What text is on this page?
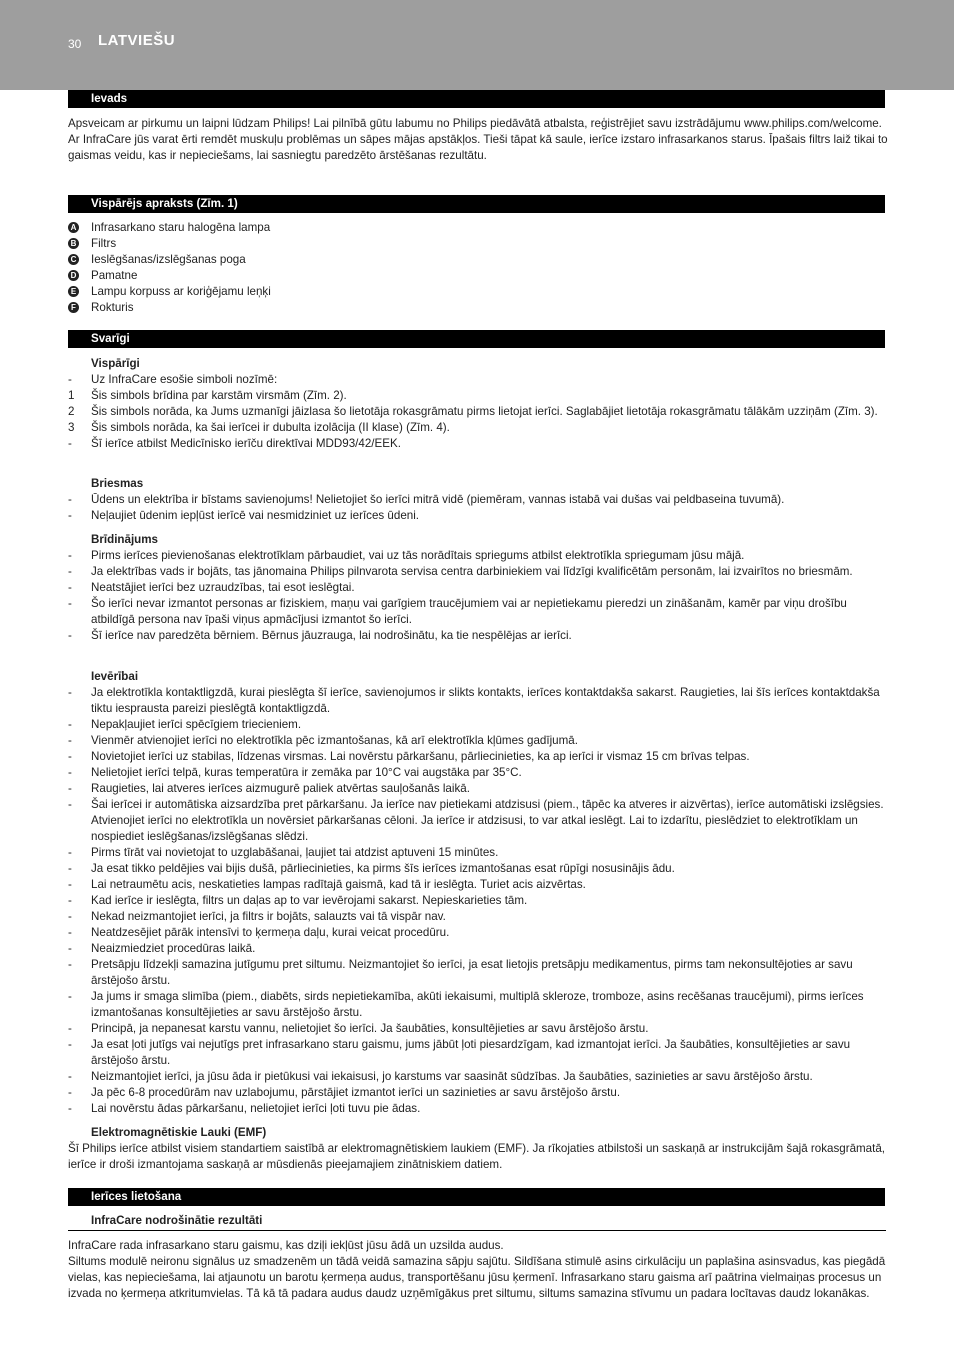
30 LATVIEŠU
Ievads

Apsveicam ar pirkumu un laipni lūdzam Philips! Lai pilnībā gūtu labumu no Philips piedāvātā atbalsta, reģistrējiet savu izstrādājumu www.philips.com/welcome.

Ar InfraCare jūs varat ērti remdēt muskuļu problēmas un sāpes mājas apstākļos. Tieši tāpat kā saule, ierīce izstaro infrasarkanos starus. Īpašais filtrs laiž tikai to gaismas veidu, kas ir nepieciešams, lai sasniegtu paredzēto ārstēšanas rezultātu.

Vispārējs apraksts (Zīm. 1)
A Infrasarkano staru halogēna lampa
B Filtrs
C Ieslēgšanas/izslēgšanas poga
D Pamatne
E Lampu korpuss ar koriģējamu leņķi
F Rokturis
Svarīgi

Vispārīgi

-	Uz InfraCare esošie simboli nozīmē:
1	Šis simbols brīdina par karstām virsmām (Zīm. 2).
2	Šis simbols norāda, ka Jums uzmanīgi jāizlasa šo lietotāja rokasgrāmatu pirms lietojat ierīci. Saglabājiet lietotāja rokasgrāmatu tālākām uzziņām (Zīm. 3).
3	Šis simbols norāda, ka šai ierīcei ir dubulta izolācija (II klase) (Zīm. 4).
-	Šī ierīce atbilst Medicīnisko ierīču direktīvai MDD93/42/EEK.

Briesmas

-	Ūdens un elektrība ir bīstams savienojums! Nelietojiet šo ierīci mitrā vidē (piemēram, vannas istabā vai dušas vai peldbaseina tuvumā).
-	Neļaujiet ūdenim iepļūst ierīcē vai nesmidziniet uz ierīces ūdeni.

Brīdinājums

-	Pirms ierīces pievienošanas elektrotīklam pārbaudiet, vai uz tās norādītais spriegums atbilst elektrotīkla spriegumam jūsu mājā.
-	Ja elektrības vads ir bojāts, tas jānomaina Philips pilnvarota servisa centra darbiniekiem vai līdzīgi kvalificētām personām, lai izvairītos no briesmām.
-	Neatstājiet ierīci bez uzraudzības, tai esot ieslēgtai.
-	Šo ierīci nevar izmantot personas ar fiziskiem, maņu vai garīgiem traucējumiem vai ar nepietiekamu pieredzi un zināšanām, kamēr par viņu drošību atbildīgā persona nav īpaši viņus apmācījusi izmantot šo ierīci.
-	Šī ierīce nav paredzēta bērniem. Bērnus jāuzrauga, lai nodrošinātu, ka tie nespēlējas ar ierīci.

Ievērībai

-	Ja elektrotīkla kontaktligzdā, kurai pieslēgta šī ierīce, savienojumos ir slikts kontakts, ierīces kontaktdakša sakarst. Raugieties, lai šīs ierīces kontaktdakša tiktu iesprausta pareizi pieslēgtā kontaktligzdā.
-	Nepakļaujiet ierīci spēcīgiem triecieniem.
-	Vienmēr atvienojiet ierīci no elektrotīkla pēc izmantošanas, kā arī elektrotīkla kļūmes gadījumā.
-	Novietojiet ierīci uz stabilas, līdzenas virsmas. Lai novērstu pārkaršanu, pārliecinieties, ka ap ierīci ir vismaz 15 cm brīvas telpas.
-	Nelietojiet ierīci telpā, kuras temperatūra ir zemāka par 10°C vai augstāka par 35°C.
-	Raugieties, lai atveres ierīces aizmugurē paliek atvērtas sauļošanās laikā.
-	Šai ierīcei ir automātiska aizsardzība pret pārkaršanu. Ja ierīce nav pietiekami atdzisusi (piem., tāpēc ka atveres ir aizvērtas), ierīce automātiski izslēgsies. Atvienojiet ierīci no elektrotīkla un novērsiet pārkaršanas cēloni. Ja ierīce ir atdzisusi, to var atkal ieslēgt. Lai to izdarītu, pieslēdziet to elektrotīklam un nospiediet ieslēgšanas/izslēgšanas slēdzi.
-	Pirms tīrāt vai novietojat to uzglabāšanai, ļaujiet tai atdzist aptuveni 15 minūtes.
-	Ja esat tikko peldējies vai bijis dušā, pārliecinieties, ka pirms šīs ierīces izmantošanas esat rūpīgi nosusinājis ādu.
-	Lai netraumētu acis, neskatieties lampas radītajā gaismā, kad tā ir ieslēgta. Turiet acis aizvērtas.
-	Kad ierīce ir ieslēgta, filtrs un daļas ap to var ievērojami sakarst. Nepieskarieties tām.
-	Nekad neizmantojiet ierīci, ja filtrs ir bojāts, salauzts vai tā vispār nav.
-	Neatdzesējiet pārāk intensīvi to ķermeņa daļu, kurai veicat procedūru.
-	Neaizmiedziet procedūras laikā.
-	Pretsāpju līdzekļi samazina jutīgumu pret siltumu. Neizmantojiet šo ierīci, ja esat lietojis pretsāpju medikamentus, pirms tam nekonsultējoties ar savu ārstējošo ārstu.
-	Ja jums ir smaga slimība (piem., diabēts, sirds nepietiekamība, akūti iekaisumi, multiplā skleroze, tromboze, asins recēšanas traucējumi), pirms ierīces izmantošanas konsultējieties ar savu ārstējošo ārstu.
-	Principā, ja nepanesat karstu vannu, nelietojiet šo ierīci. Ja šaubāties, konsultējieties ar savu ārstējošo ārstu.
-	Ja esat ļoti jutīgs vai nejutīgs pret infrasarkano staru gaismu, jums jābūt ļoti piesardzīgam, kad izmantojat ierīci. Ja šaubāties, konsultējieties ar savu ārstējošo ārstu.
-	Neizmantojiet ierīci, ja jūsu āda ir pietūkusi vai iekaisusi, jo karstums var saasināt sūdzības. Ja šaubāties, sazinieties ar savu ārstējošo ārstu.
-	Ja pēc 6-8 procedūrām nav uzlabojumu, pārstājiet izmantot ierīci un sazinieties ar savu ārstējošo ārstu.
-	Lai novērstu ādas pārkaršanu, nelietojiet ierīci ļoti tuvu pie ādas.

Elektromagnētiskie Lauki (EMF)

Šī Philips ierīce atbilst visiem standartiem saistībā ar elektromagnētiskiem laukiem (EMF). Ja rīkojaties atbilstoši un saskaņā ar instrukcijām šajā rokasgrāmatā, ierīce ir droši izmantojama saskaņā ar mūsdienās pieejamajiem zinātniskiem datiem.

Ierīces lietošana

InfraCare nodrošinātie rezultāti

InfraCare rada infrasarkano staru gaismu, kas dziļi iekļūst jūsu ādā un uzsilda audus.

Siltums modulē neironu signālus uz smadzenēm un tādā veidā samazina sāpju sajūtu. Sildīšana stimulē asins cirkulāciju un paplašina asinsvadus, kas piegādā vielas, kas nepieciešama, lai atjaunotu un barotu ķermeņa audus, transportēšanu jūsu ķermenī. Infrasarkano staru gaisma arī paātrina vielmaiņas procesus un izvada no ķermeņa atkritumvielas. Tā kā tā padara audus daudz uzņēmīgākus pret siltumu, siltums samazina stīvumu un padara locītavas daudz lokanākas.
